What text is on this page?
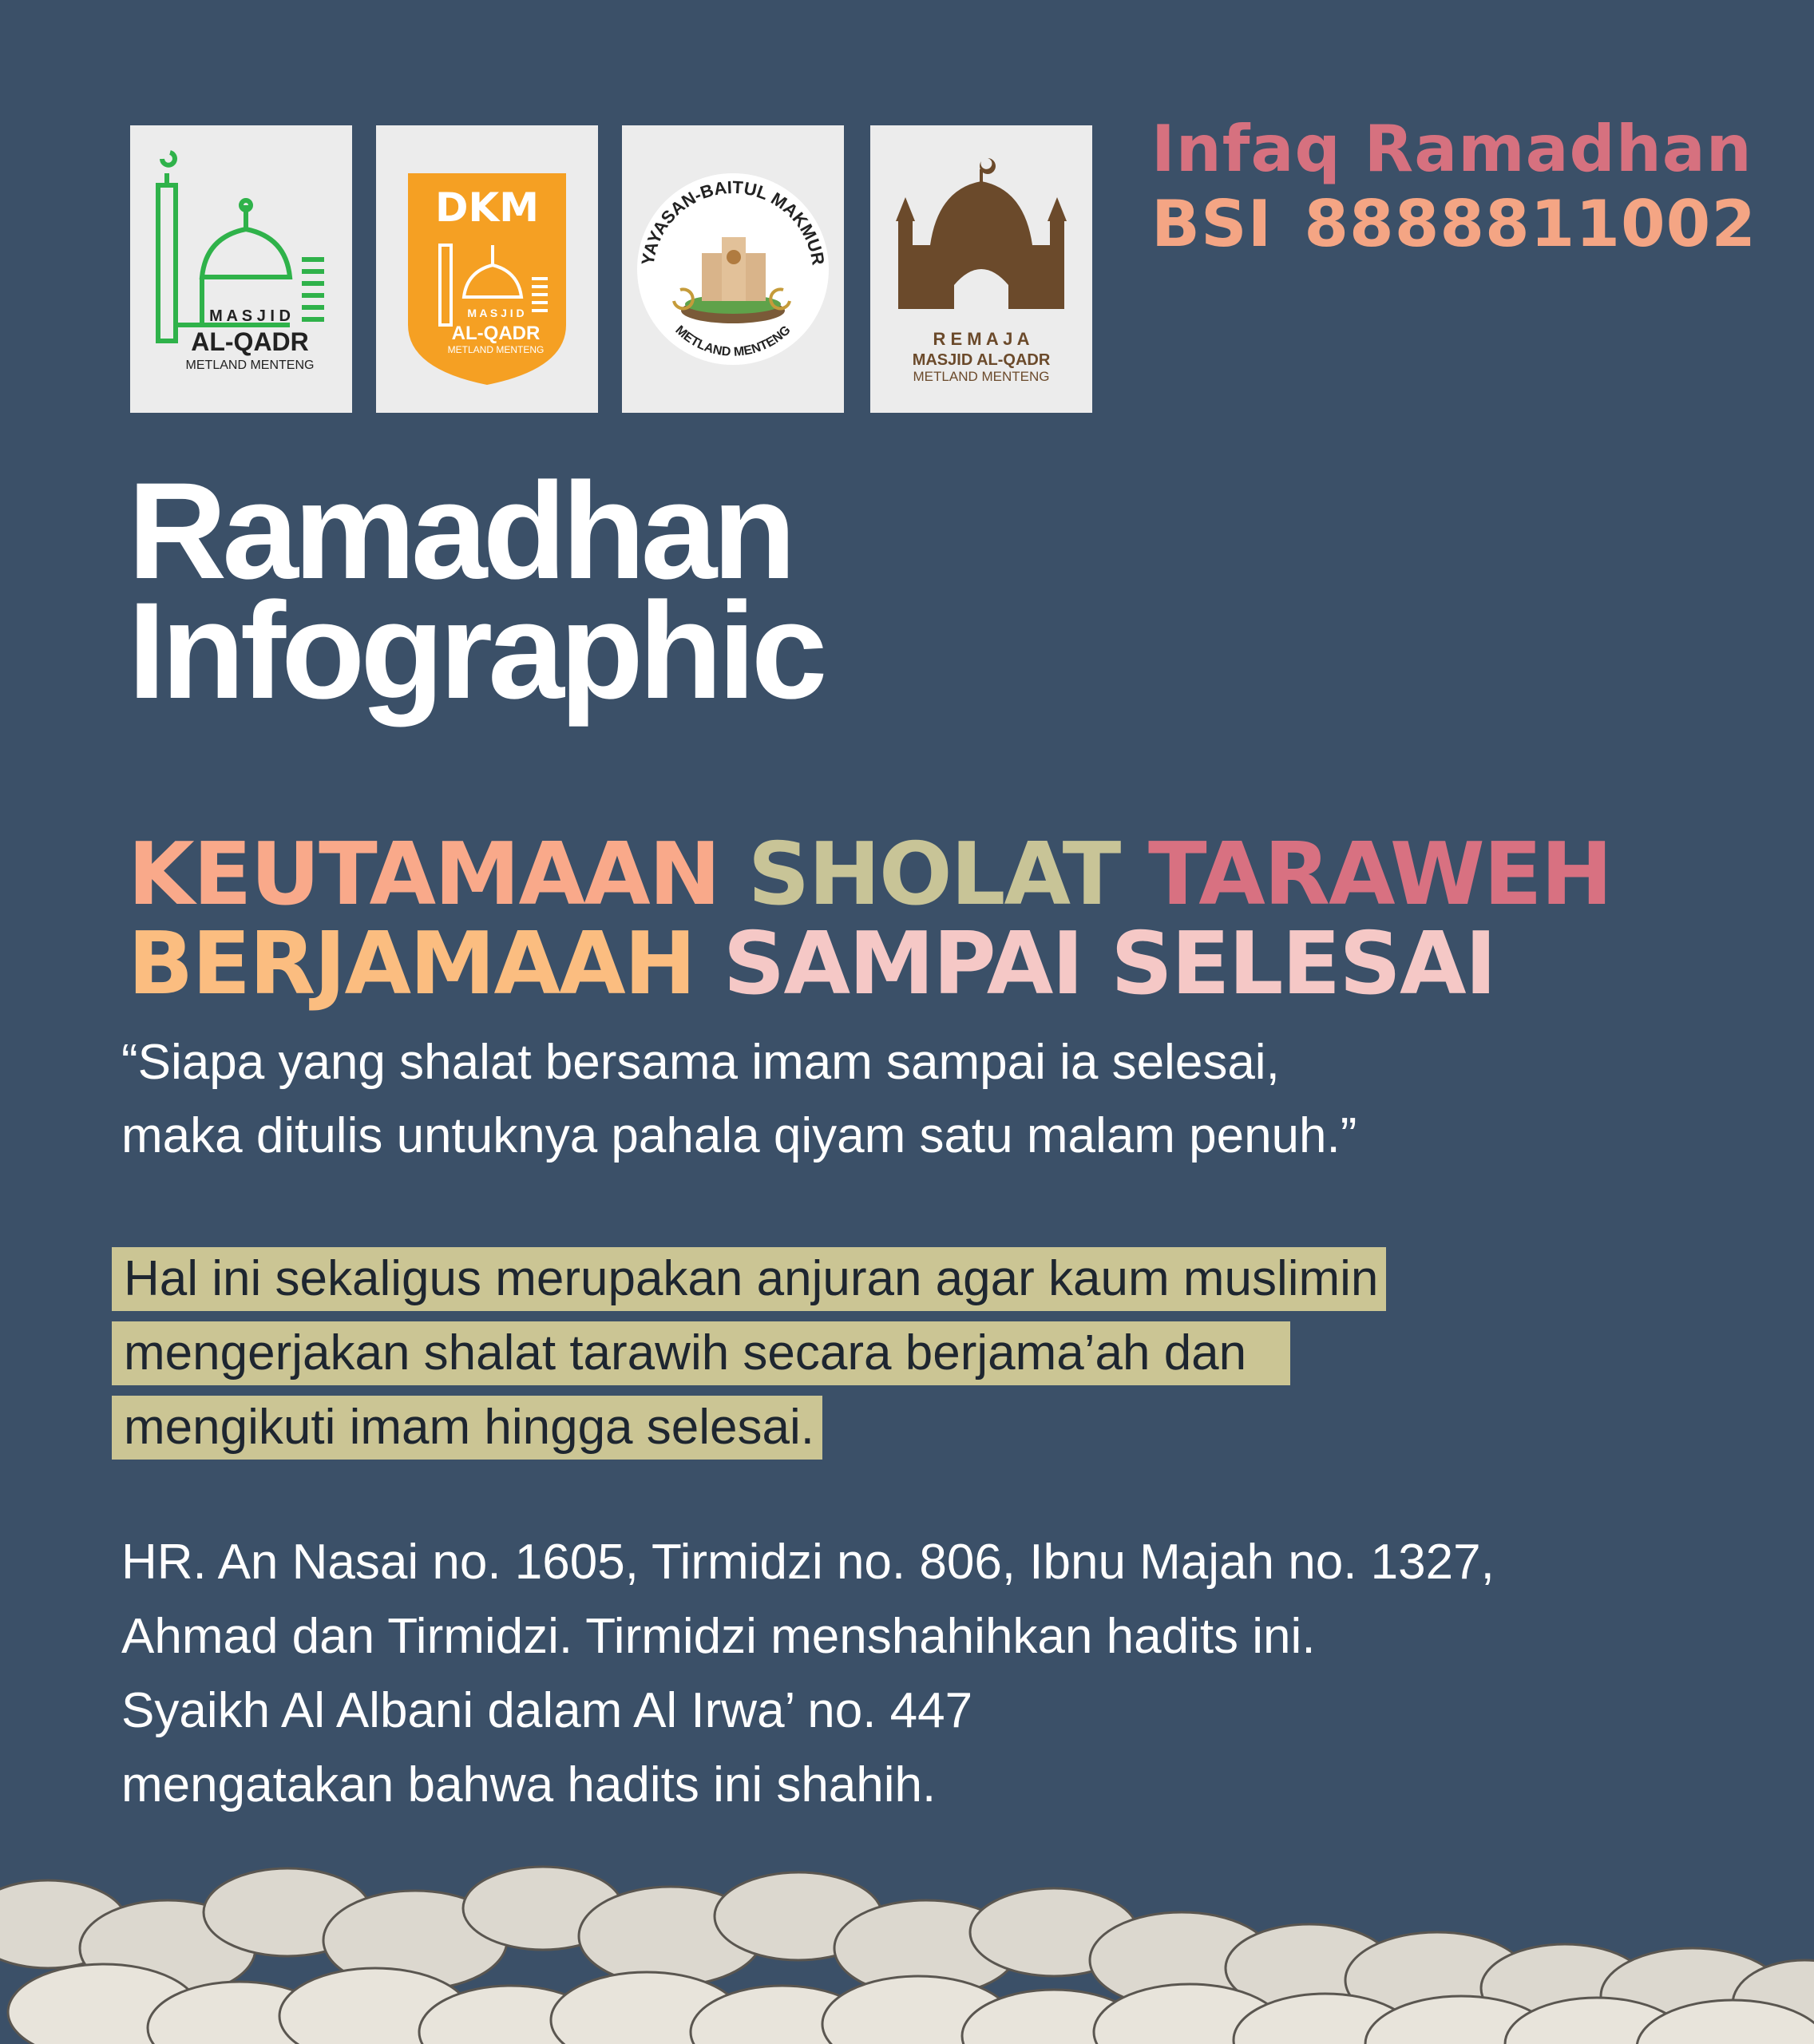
M A S J I D
AL-QADR
METLAND MENTENG
DKM
M A S J I D
AL-QADR
METLAND MENTENG
YAYASAN-BAITUL MAKMUR
METLAND MENTENG	R E M A J A
MASJID AL-QADR
METLAND MENTENG
Infaq Ramadhan
BSI 8888811002
Ramadhan
Infographic
KEUTAMAAN SHOLAT TARAWEH
BERJAMAAH SAMPAI SELESAI
“Siapa yang shalat bersama imam sampai ia selesai,
maka ditulis untuknya pahala qiyam satu malam penuh.”
Hal ini sekaligus merupakan anjuran agar kaum muslimin
mengerjakan shalat tarawih secara berjama’ah dan
mengikuti imam hingga selesai.
HR. An Nasai no. 1605, Tirmidzi no. 806, Ibnu Majah no. 1327,
Ahmad dan Tirmidzi. Tirmidzi menshahihkan hadits ini.
Syaikh Al Albani dalam Al Irwa’ no. 447
mengatakan bahwa hadits ini shahih.
